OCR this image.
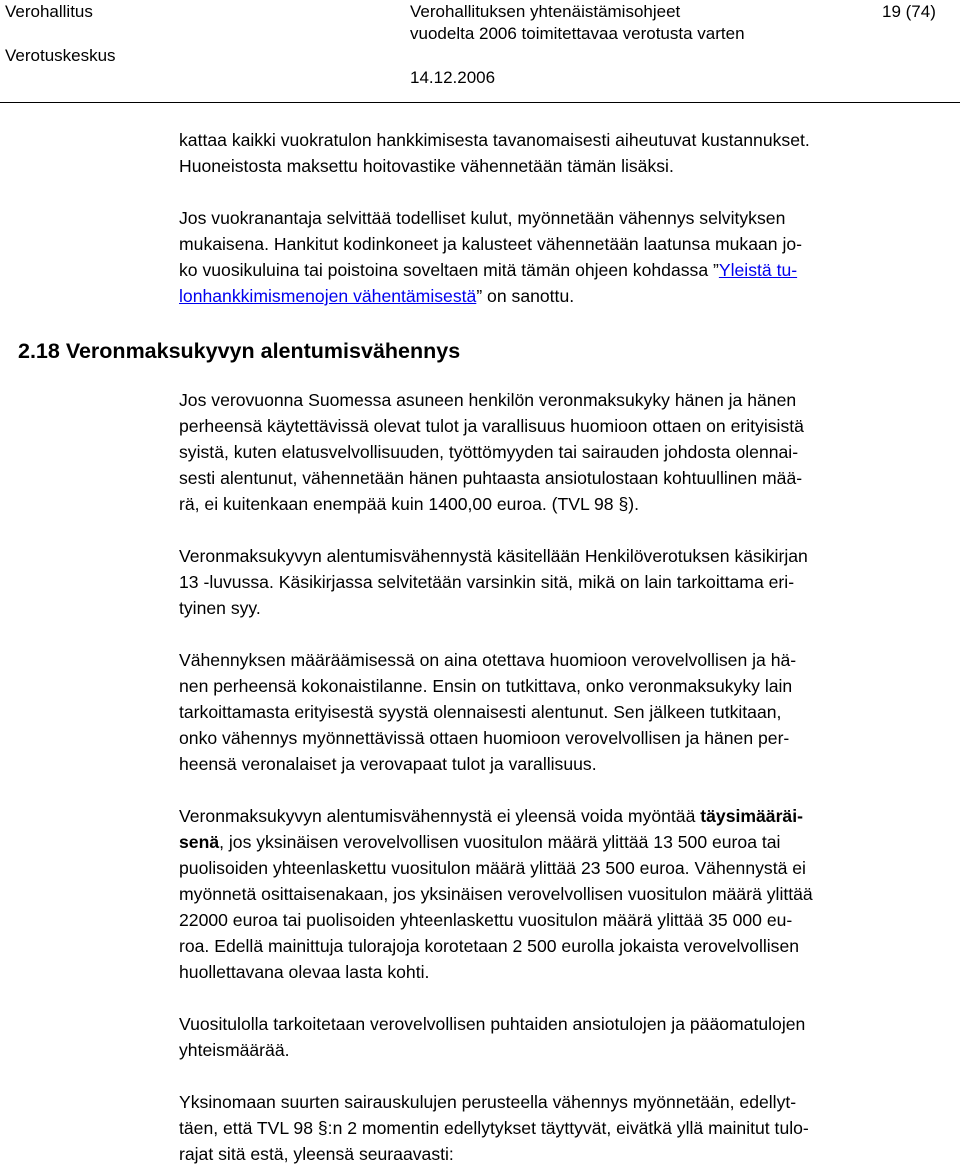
Verohallitus
Verotuskeskus
Verohallituksen yhtenäistämisohjeet
vuodelta 2006 toimitettavaa verotusta varten
14.12.2006
19 (74)
2.18 Veronmaksukyvyn alentumisvähennys

kattaa kaikki vuokratulon hankkimisesta tavanomaisesti aiheutuvat kustannukset.
Huoneistosta maksettu hoitovastike vähennetään tämän lisäksi.

Jos vuokranantaja selvittää todelliset kulut, myönnetään vähennys selvityksen
mukaisena. Hankitut kodinkoneet ja kalusteet vähennetään laatunsa mukaan jo-
ko vuosikuluina tai poistoina soveltaen mitä tämän ohjeen kohdassa ”Yleistä tu-
lonhankkimismenojen vähentämisestä” on sanottu.

Jos verovuonna Suomessa asuneen henkilön veronmaksukyky hänen ja hänen
perheensä käytettävissä olevat tulot ja varallisuus huomioon ottaen on erityisistä
syistä, kuten elatusvelvollisuuden, työttömyyden tai sairauden johdosta olennai-
sesti alentunut, vähennetään hänen puhtaasta ansiotulostaan kohtuullinen mää-
rä, ei kuitenkaan enempää kuin 1400,00 euroa. (TVL 98 §).

Veronmaksukyvyn alentumisvähennystä käsitellään Henkilöverotuksen käsikirjan
13 -luvussa. Käsikirjassa selvitetään varsinkin sitä, mikä on lain tarkoittama eri-
tyinen syy.

Vähennyksen määräämisessä on aina otettava huomioon verovelvollisen ja hä-
nen perheensä kokonaistilanne. Ensin on tutkittava, onko veronmaksukyky lain
tarkoittamasta erityisestä syystä olennaisesti alentunut. Sen jälkeen tutkitaan,
onko vähennys myönnettävissä ottaen huomioon verovelvollisen ja hänen per-
heensä veronalaiset ja verovapaat tulot ja varallisuus.

Veronmaksukyvyn alentumisvähennystä ei yleensä voida myöntää täysimääräi-
senä, jos yksinäisen verovelvollisen vuositulon määrä ylittää 13 500 euroa tai
puolisoiden yhteenlaskettu vuositulon määrä ylittää 23 500 euroa. Vähennystä ei
myönnetä osittaisenakaan, jos yksinäisen verovelvollisen vuositulon määrä ylittää
22000 euroa tai puolisoiden yhteenlaskettu vuositulon määrä ylittää 35 000 eu-
roa. Edellä mainittuja tulorajoja korotetaan 2 500 eurolla jokaista verovelvollisen
huollettavana olevaa lasta kohti.

Vuositulolla tarkoitetaan verovelvollisen puhtaiden ansiotulojen ja pääomatulojen
yhteismäärää.

Yksinomaan suurten sairauskulujen perusteella vähennys myönnetään, edellyt-
täen, että TVL 98 §:n 2 momentin edellytykset täyttyvät, eivätkä yllä mainitut tulo-
rajat sitä estä, yleensä seuraavasti:
